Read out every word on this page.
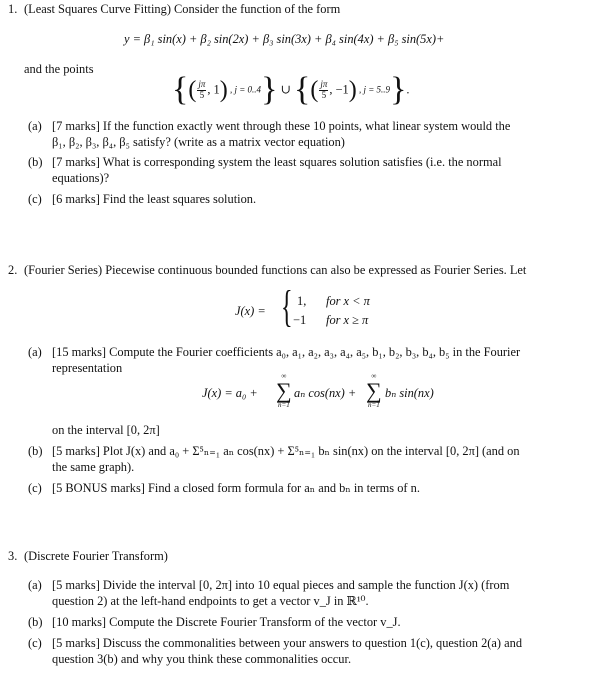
1. (Least Squares Curve Fitting) Consider the function of the form
y = β₁ sin(x) + β₂ sin(2x) + β₃ sin(3x) + β₄ sin(4x) + β₅ sin(5x)+
and the points
{( $\frac{j\pi}{5}$ , 1) , j = 0..4} ∪ {( $\frac{j\pi}{5}$ , −1) , j = 5..9}.
(a) [7 marks] If the function exactly went through these 10 points, what linear system would the
β₁, β₂, β₃, β₄, β₅ satisfy? (write as a matrix vector equation)
(b) [7 marks] What is corresponding system the least squares solution satisfies (i.e. the normal
equations)?
(c) [6 marks] Find the least squares solution.
2. (Fourier Series) Piecewise continuous bounded functions can also be expressed as Fourier Series. Let
J(x) = { 1, for x < π
−1 for x ≥ π
(a) [15 marks] Compute the Fourier coefficients a₀, a₁, a₂, a₃, a₄, a₅, b₁, b₂, b₃, b₄, b₅ in the Fourier
representation
J(x) = a₀ +
∞
∑
n=1
aₙ cos(nx) +
∞
∑
n=1
bₙ sin(nx)
on the interval [0, 2π]
(b) [5 marks] Plot J(x) and a₀ + Σ⁵ₙ₌₁ aₙ cos(nx) + Σ⁵ₙ₌₁ bₙ sin(nx) on the interval [0, 2π] (and on
the same graph).
(c) [5 BONUS marks] Find a closed form formula for aₙ and bₙ in terms of n.
3. (Discrete Fourier Transform)
(a) [5 marks] Divide the interval [0, 2π] into 10 equal pieces and sample the function J(x) (from
question 2) at the left-hand endpoints to get a vector v_J in ℝ¹⁰.
(b) [10 marks] Compute the Discrete Fourier Transform of the vector v_J.
(c) [5 marks] Discuss the commonalities between your answers to question 1(c), question 2(a) and
question 3(b) and why you think these commonalities occur.
